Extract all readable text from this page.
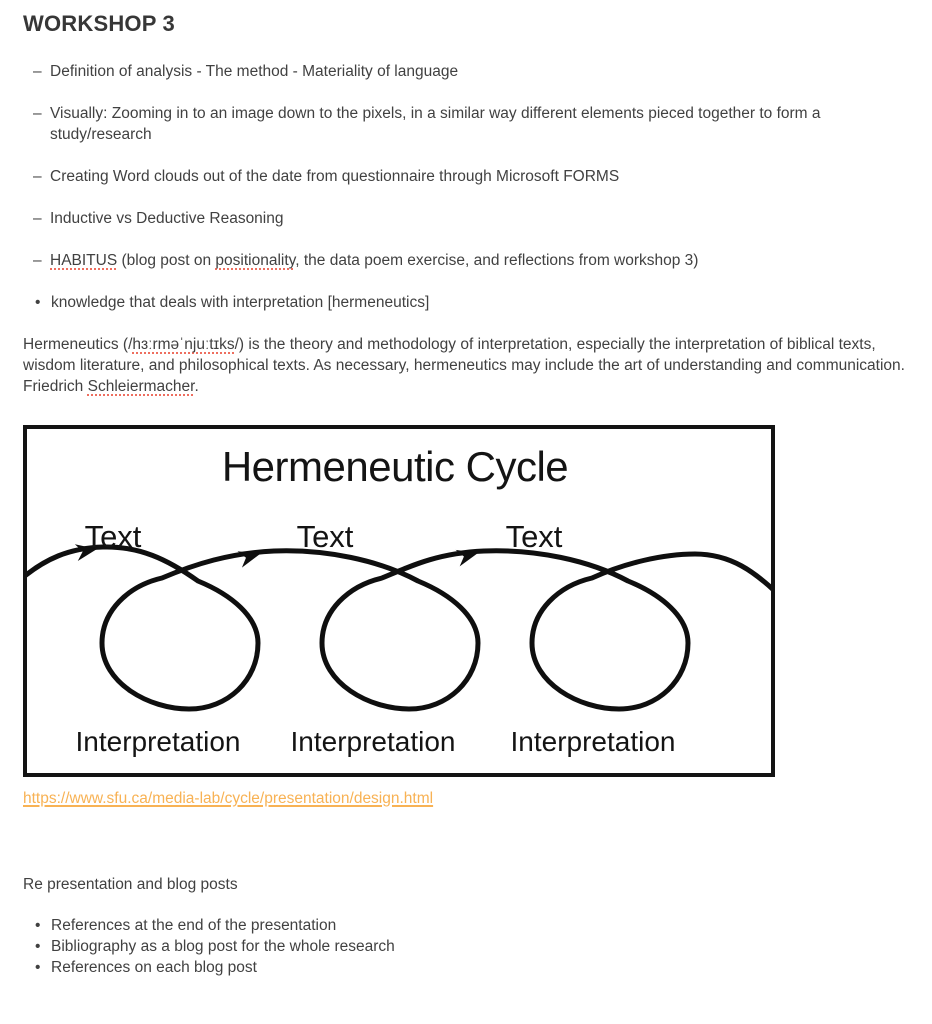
WORKSHOP 3
– Definition of analysis - The method - Materiality of language
– Visually: Zooming in to an image down to the pixels, in a similar way different elements pieced together to form a study/research
– Creating Word clouds out of the date from questionnaire through Microsoft FORMS
– Inductive vs Deductive Reasoning
– HABITUS (blog post on positionality, the data poem exercise, and reflections from workshop 3)
• knowledge that deals with interpretation [hermeneutics]

Hermeneutics (/hɜːrməˈnjuːtɪks/) is the theory and methodology of interpretation, especially the interpretation of biblical texts, wisdom literature, and philosophical texts. As necessary, hermeneutics may include the art of understanding and communication. Friedrich Schleiermacher.

Hermeneutic Cycle
Text	Text	Text
Interpretation Interpretation Interpretation
https://www.sfu.ca/media-lab/cycle/presentation/design.html

Re presentation and blog posts

• References at the end of the presentation
• Bibliography as a blog post for the whole research
• References on each blog post
